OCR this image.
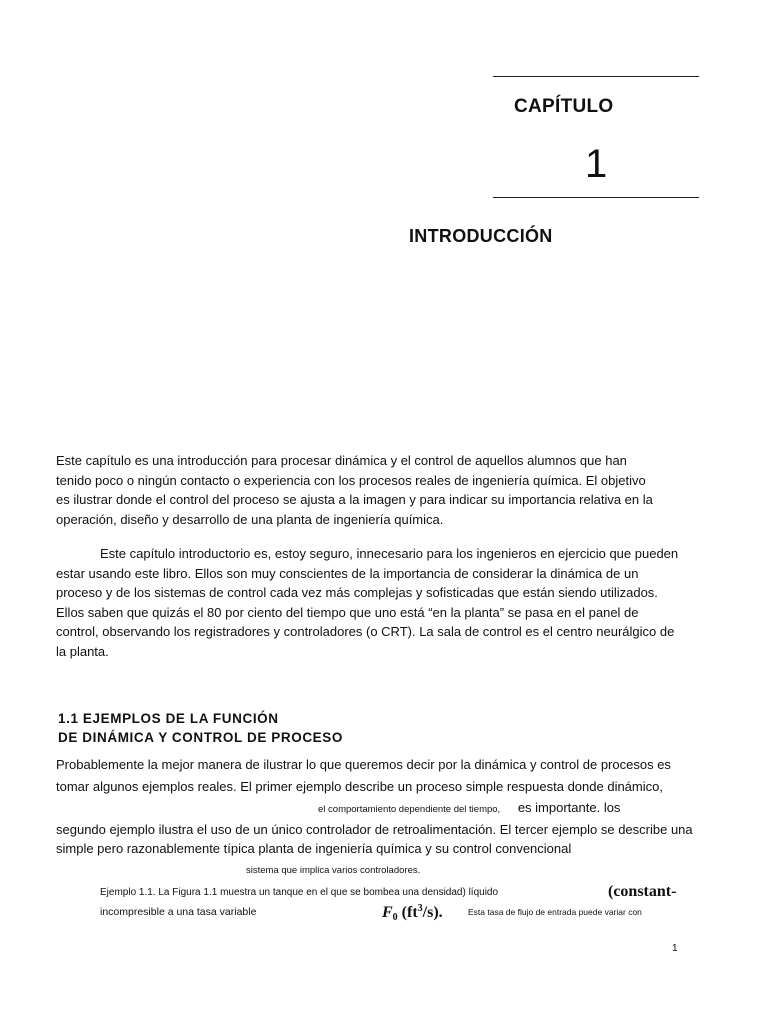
CAPÍTULO
1
INTRODUCCIÓN

Este capítulo es una introducción para procesar dinámica y el control de aquellos alumnos que han
tenido poco o ningún contacto o experiencia con los procesos reales de ingeniería química. El objetivo
es ilustrar donde el control del proceso se ajusta a la imagen y para indicar su importancia relativa en la
operación, diseño y desarrollo de una planta de ingeniería química.

Este capítulo introductorio es, estoy seguro, innecesario para los ingenieros en ejercicio que pueden
estar usando este libro. Ellos son muy conscientes de la importancia de considerar la dinámica de un
proceso y de los sistemas de control cada vez más complejas y sofisticadas que están siendo utilizados.
Ellos saben que quizás el 80 por ciento del tiempo que uno está “en la planta” se pasa en el panel de
control, observando los registradores y controladores (o CRT). La sala de control es el centro neurálgico de
la planta.

1.1 EJEMPLOS DE LA FUNCIÓN
DE DINÁMICA Y CONTROL DE PROCESO

Probablemente la mejor manera de ilustrar lo que queremos decir por la dinámica y control de procesos es
tomar algunos ejemplos reales. El primer ejemplo describe un proceso simple respuesta donde dinámico,
el comportamiento dependiente del tiempo, es importante. los
segundo ejemplo ilustra el uso de un único controlador de retroalimentación. El tercer ejemplo se describe una
simple pero razonablemente típica planta de ingeniería química y su control convencional
sistema que implica varios controladores.

Ejemplo 1.1. La Figura 1.1 muestra un tanque en el que se bombea una densidad) líquido	(constant-
incompresible a una tasa variable	$F_0$ $(ft^3/s)$.	Esta tasa de flujo de entrada puede variar con
1
